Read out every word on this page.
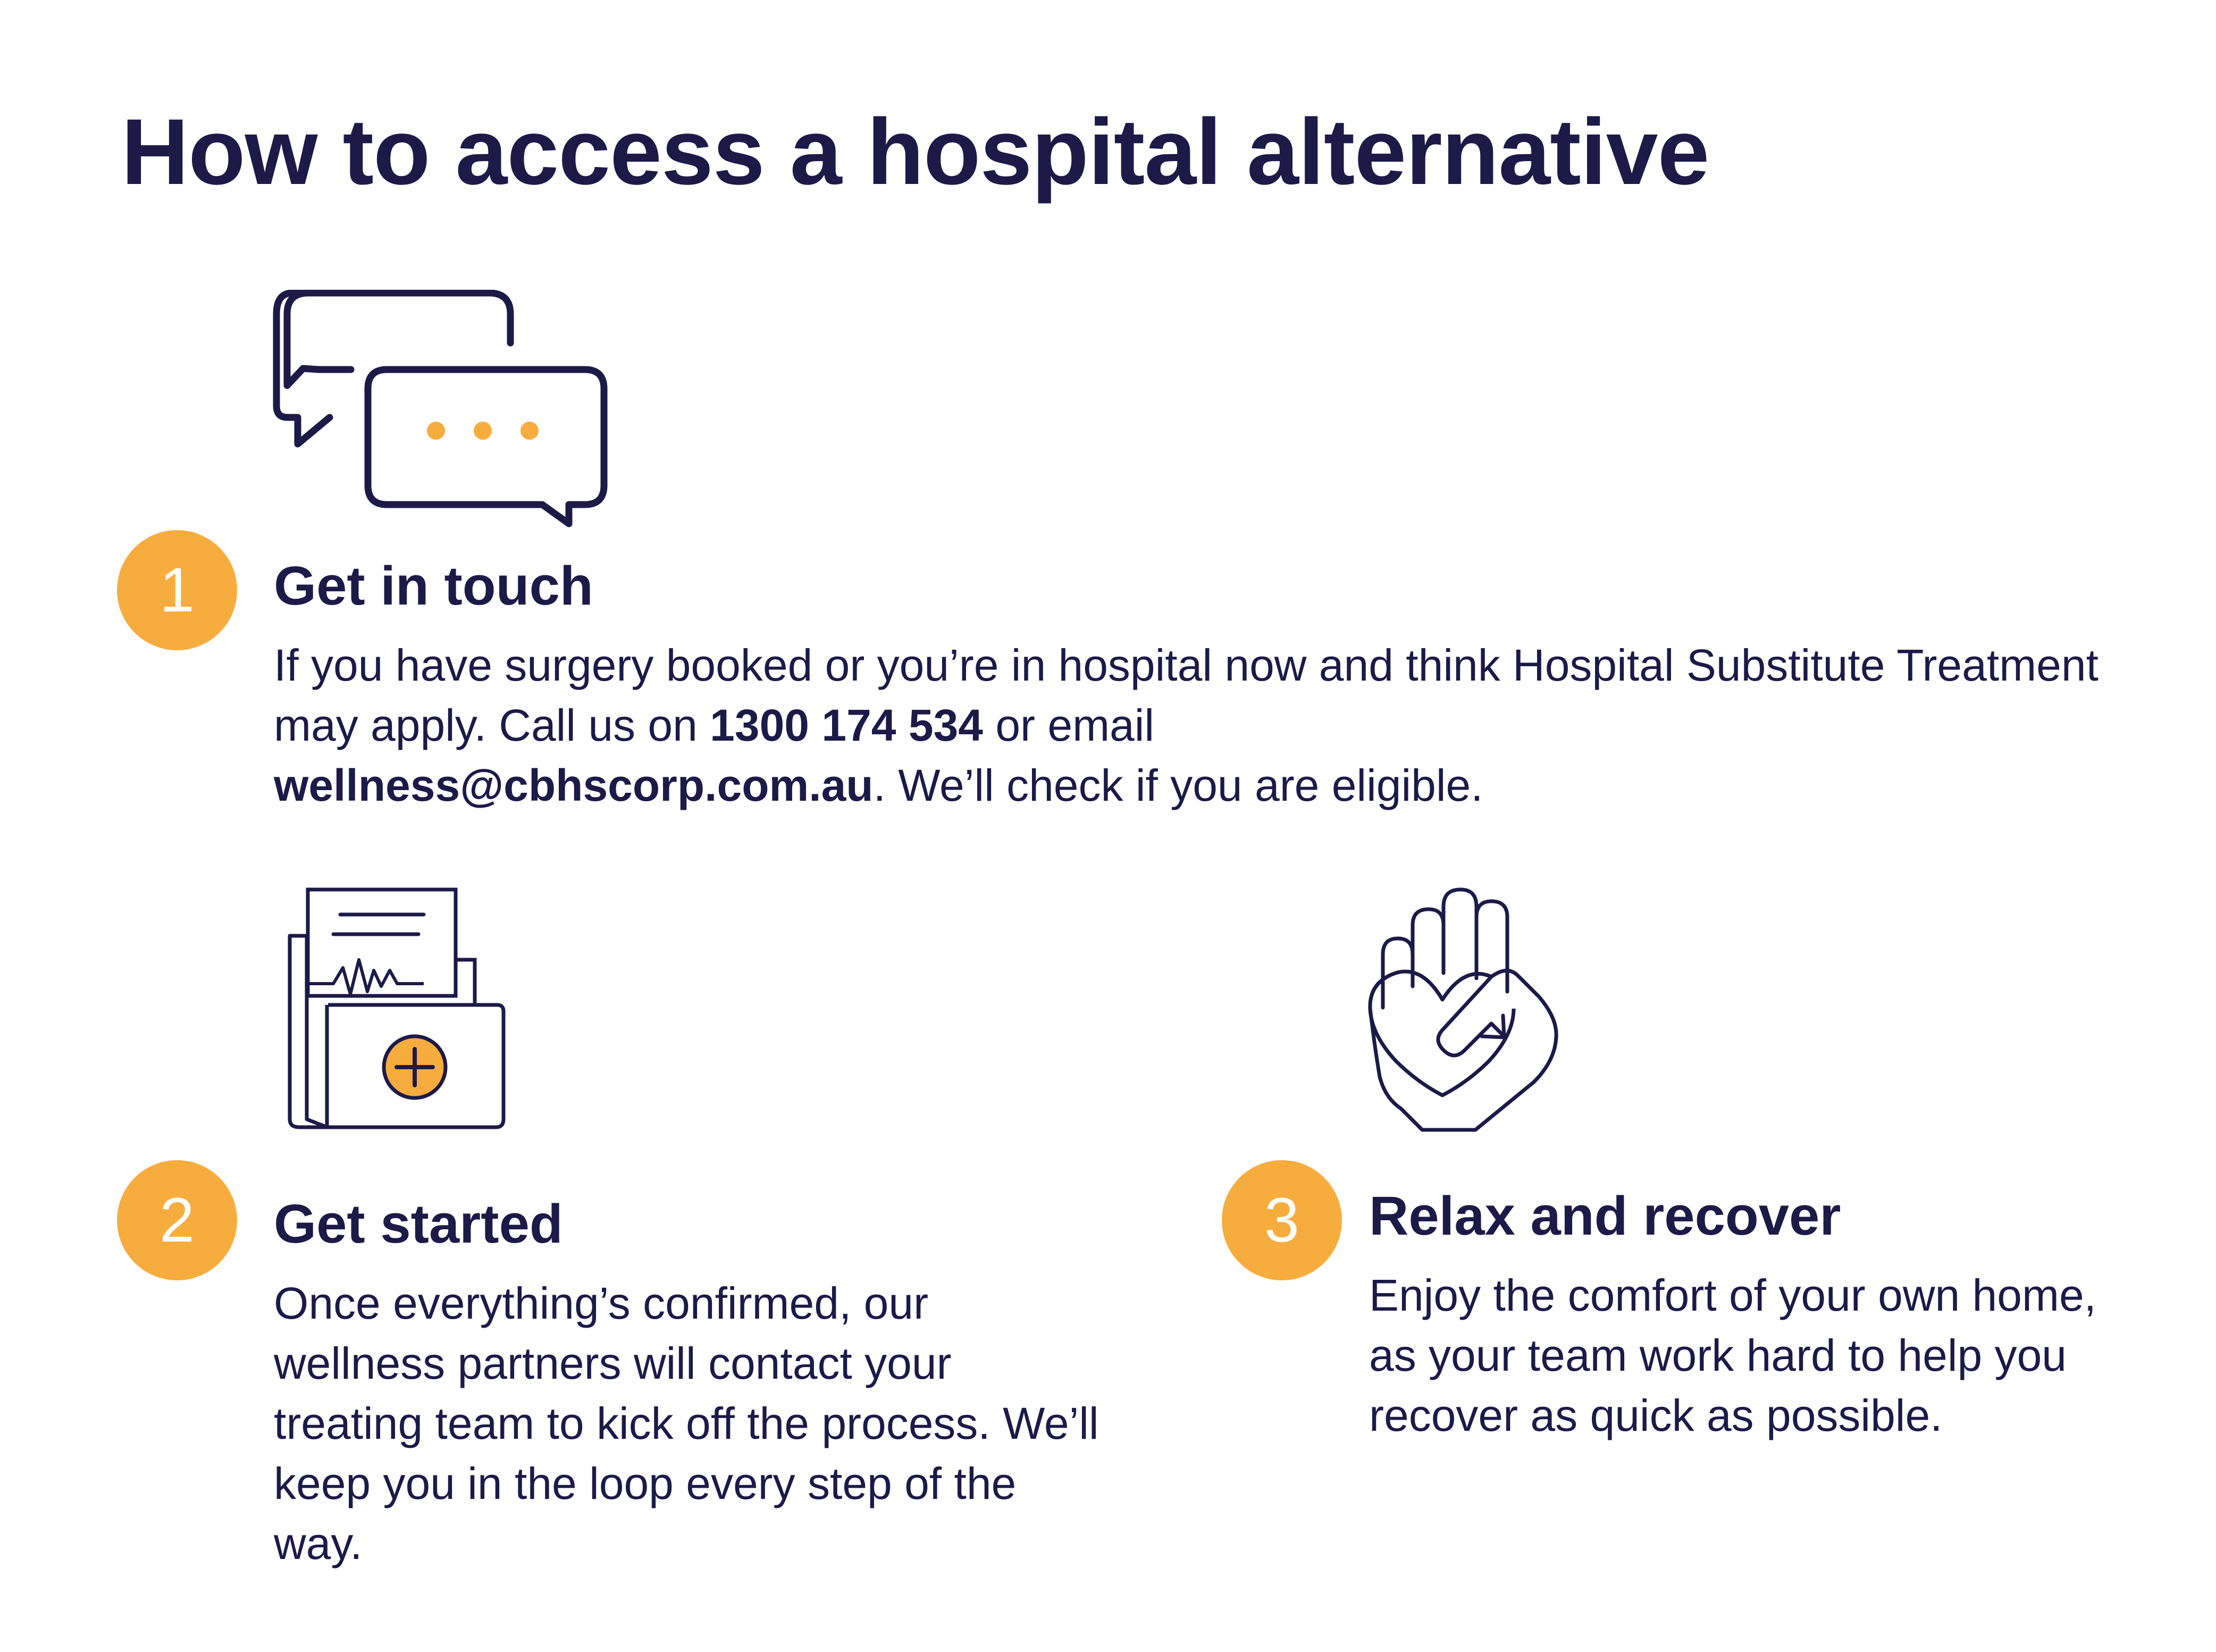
How to access a hospital alternative
1	Get in touch

If you have surgery booked or you’re in hospital now and think Hospital Substitute Treatment may apply. Call us on 1300 174 534 or email
wellness@cbhscorp.com.au. We’ll check if you are eligible.

2	Get started

Once everything’s confirmed, our wellness partners will contact your treating team to kick off the process. We’ll keep you in the loop every step of the way.

3	Relax and recover

Enjoy the comfort of your own home, as your team work hard to help you recover as quick as possible.
